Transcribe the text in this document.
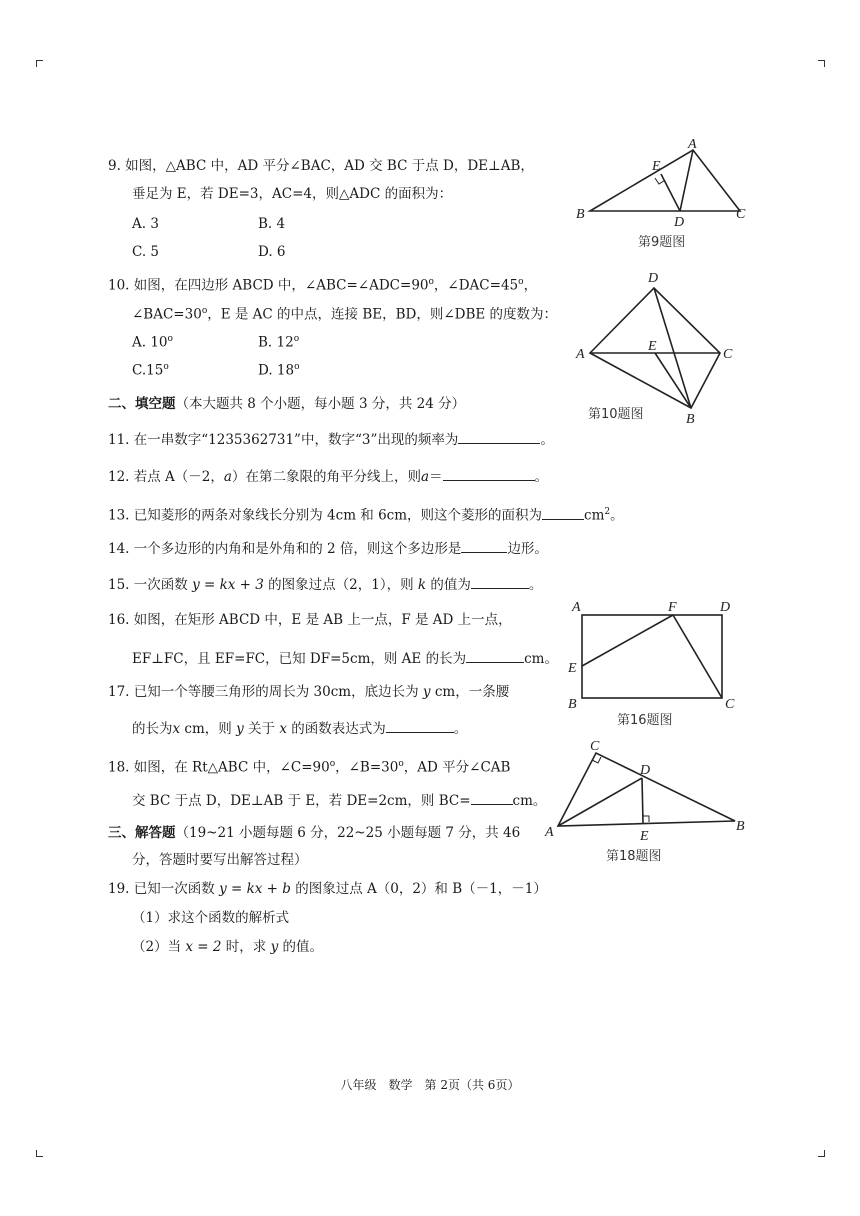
9. 如图，△ABC 中，AD 平分∠BAC，AD 交 BC 于点 D，DE⊥AB，
垂足为 E，若 DE=3，AC=4，则△ADC 的面积为：
A. 3	B. 4
C. 5	D. 6
A
B	C
D
E
第9题图
10. 如图，在四边形 ABCD 中，$\angle ABC=\angle ADC=90^o$，$\angle DAC=45^o$，
$\angle BAC=30^o$，E 是 AC 的中点，连接 BE，BD，则∠DBE 的度数为：
A. 10$^o$	B. 12$^o$
C.15$^o$	D. 18$^o$
A
B
C
D
E
第10题图
二、填空题（本大题共 8 个小题，每小题 3 分，共 24 分）
11. 在一串数字“1235362731”中，数字“3”出现的频率为	。
12. 若点 A（－2，a）在第二象限的角平分线上，则a＝	。
13. 已知菱形的两条对象线长分别为 4cm 和 6cm，则这个菱形的面积为	$cm^2$。
14. 一个多边形的内角和是外角和的 2 倍，则这个多边形是	边形。
15. 一次函数 y = kx + 3 的图象过点（2，1），则 k 的值为	。
16. 如图，在矩形 ABCD 中，E 是 AB 上一点，F 是 AD 上一点，
EF⊥FC，且 EF=FC，已知 DF=5cm，则 AE 的长为	cm。
A
B	C
D
E
F
第16题图
17. 已知一个等腰三角形的周长为 30cm，底边长为 y cm，一条腰
的长为x cm，则 y 关于 x 的函数表达式为	。
18. 如图，在 Rt△ABC 中，$\angle C=90^o$，$\angle B=30^o$，AD 平分∠CAB
交 BC 于点 D，DE⊥AB 于 E，若 DE=2cm，则 BC=	cm。
A	B
C
D
E
第18题图
三、解答题（19~21 小题每题 6 分，22~25 小题每题 7 分，共 46
分，答题时要写出解答过程）
19. 已知一次函数 y = kx + b 的图象过点 A（0，2）和 B（－1，－1）
（1）求这个函数的解析式
（2）当 x = 2 时，求 y 的值。
八年级　数学　第 2页（共 6页）
